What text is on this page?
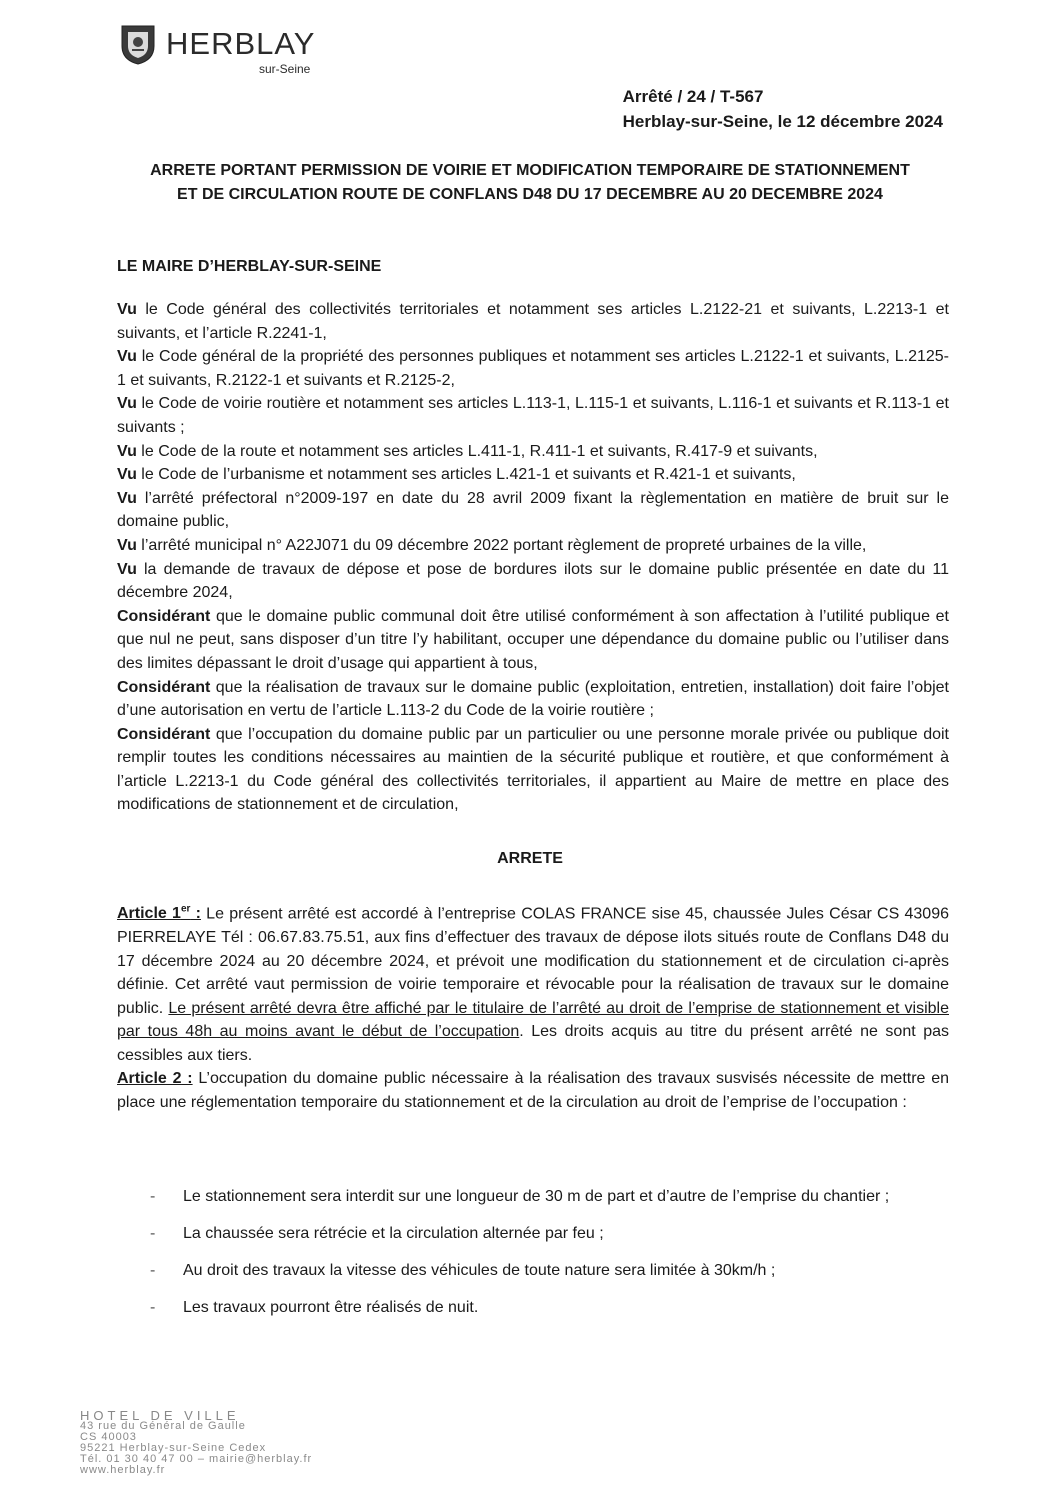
HERBLAY
sur-Seine
Arrêté / 24 / T-567
Herblay-sur-Seine, le 12 décembre 2024
ARRETE PORTANT PERMISSION DE VOIRIE ET MODIFICATION TEMPORAIRE DE STATIONNEMENT
ET DE CIRCULATION ROUTE DE CONFLANS D48 DU 17 DECEMBRE AU 20 DECEMBRE 2024
LE MAIRE D’HERBLAY-SUR-SEINE

Vu le Code général des collectivités territoriales et notamment ses articles L.2122-21 et suivants, L.2213-1 et suivants, et l’article R.2241-1,

Vu le Code général de la propriété des personnes publiques et notamment ses articles L.2122-1 et suivants, L.2125-1 et suivants, R.2122-1 et suivants et R.2125-2,

Vu le Code de voirie routière et notamment ses articles L.113-1, L.115-1 et suivants, L.116-1 et suivants et R.113-1 et suivants ;

Vu le Code de la route et notamment ses articles L.411-1, R.411-1 et suivants, R.417-9 et suivants,

Vu le Code de l’urbanisme et notamment ses articles L.421-1 et suivants et R.421-1 et suivants,

Vu l’arrêté préfectoral n°2009-197 en date du 28 avril 2009 fixant la règlementation en matière de bruit sur le domaine public,

Vu l’arrêté municipal n° A22J071 du 09 décembre 2022 portant règlement de propreté urbaines de la ville,

Vu la demande de travaux de dépose et pose de bordures ilots sur le domaine public présentée en date du 11 décembre 2024,

Considérant que le domaine public communal doit être utilisé conformément à son affectation à l’utilité publique et que nul ne peut, sans disposer d’un titre l’y habilitant, occuper une dépendance du domaine public ou l’utiliser dans des limites dépassant le droit d’usage qui appartient à tous,

Considérant que la réalisation de travaux sur le domaine public (exploitation, entretien, installation) doit faire l’objet d’une autorisation en vertu de l’article L.113-2 du Code de la voirie routière ;

Considérant que l’occupation du domaine public par un particulier ou une personne morale privée ou publique doit remplir toutes les conditions nécessaires au maintien de la sécurité publique et routière, et que conformément à l’article L.2213-1 du Code général des collectivités territoriales, il appartient au Maire de mettre en place des modifications de stationnement et de circulation,

ARRETE

Article 1er : Le présent arrêté est accordé à l’entreprise COLAS FRANCE sise 45, chaussée Jules César CS 43096 PIERRELAYE Tél : 06.67.83.75.51, aux fins d’effectuer des travaux de dépose ilots situés route de Conflans D48 du 17 décembre 2024 au 20 décembre 2024, et prévoit une modification du stationnement et de circulation ci-après définie. Cet arrêté vaut permission de voirie temporaire et révocable pour la réalisation de travaux sur le domaine public. Le présent arrêté devra être affiché par le titulaire de l’arrêté au droit de l’emprise de stationnement et visible par tous 48h au moins avant le début de l’occupation. Les droits acquis au titre du présent arrêté ne sont pas cessibles aux tiers.

Article 2 : L’occupation du domaine public nécessaire à la réalisation des travaux susvisés nécessite de mettre en place une réglementation temporaire du stationnement et de la circulation au droit de l’emprise de l’occupation :

- Le stationnement sera interdit sur une longueur de 30 m de part et d’autre de l’emprise du chantier ;
- La chaussée sera rétrécie et la circulation alternée par feu ;
- Au droit des travaux la vitesse des véhicules de toute nature sera limitée à 30km/h ;
- Les travaux pourront être réalisés de nuit.
HOTEL DE VILLE
43 rue du Général de Gaulle
CS 40003
95221 Herblay-sur-Seine Cedex
Tél. 01 30 40 47 00 – mairie@herblay.fr
www.herblay.fr
